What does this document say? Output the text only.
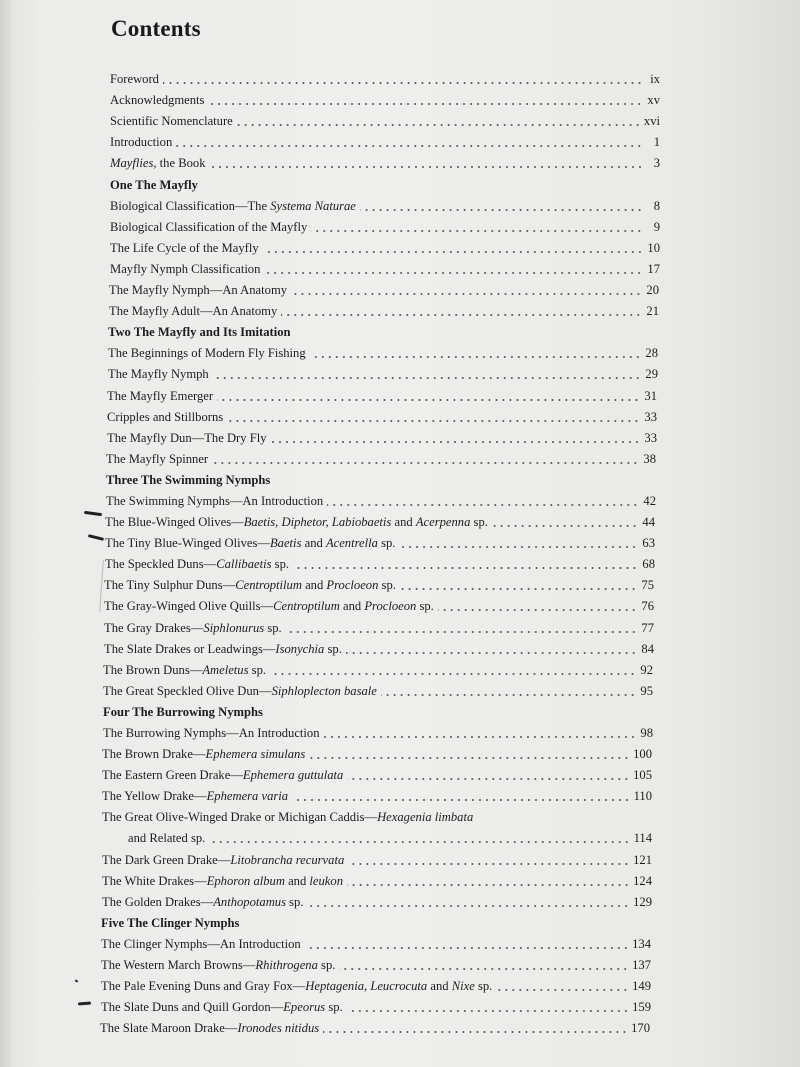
Contents
Foreword	ix
Acknowledgments	xv
Scientific Nomenclature	xvi
Introduction	1
Mayflies, the Book	3
One The Mayfly
Biological Classification—The Systema Naturae	8
Biological Classification of the Mayfly	9
The Life Cycle of the Mayfly	10
Mayfly Nymph Classification	17
The Mayfly Nymph—An Anatomy	20
The Mayfly Adult—An Anatomy	21
Two The Mayfly and Its Imitation
The Beginnings of Modern Fly Fishing	28
The Mayfly Nymph	29
The Mayfly Emerger	31
Cripples and Stillborns	33
The Mayfly Dun—The Dry Fly	33
The Mayfly Spinner	38
Three The Swimming Nymphs
The Swimming Nymphs—An Introduction	42
The Blue-Winged Olives—Baetis, Diphetor, Labiobaetis and Acerpenna sp.	44
The Tiny Blue-Winged Olives—Baetis and Acentrella sp.	63
The Speckled Duns—Callibaetis sp.	68
The Tiny Sulphur Duns—Centroptilum and Procloeon sp.	75
The Gray-Winged Olive Quills—Centroptilum and Procloeon sp.	76
The Gray Drakes—Siphlonurus sp.	77
The Slate Drakes or Leadwings—Isonychia sp.	84
The Brown Duns—Ameletus sp.	92
The Great Speckled Olive Dun—Siphloplecton basale	95
Four The Burrowing Nymphs
The Burrowing Nymphs—An Introduction	98
The Brown Drake—Ephemera simulans	100
The Eastern Green Drake—Ephemera guttulata	105
The Yellow Drake—Ephemera varia	110
The Great Olive-Winged Drake or Michigan Caddis—Hexagenia limbata
and Related sp.	114
The Dark Green Drake—Litobrancha recurvata	121
The White Drakes—Ephoron album and leukon	124
The Golden Drakes—Anthopotamus sp.	129
Five The Clinger Nymphs
The Clinger Nymphs—An Introduction	134
The Western March Browns—Rhithrogena sp.	137
The Pale Evening Duns and Gray Fox—Heptagenia, Leucrocuta and Nixe sp.	149
The Slate Duns and Quill Gordon—Epeorus sp.	159
The Slate Maroon Drake—Ironodes nitidus	170
